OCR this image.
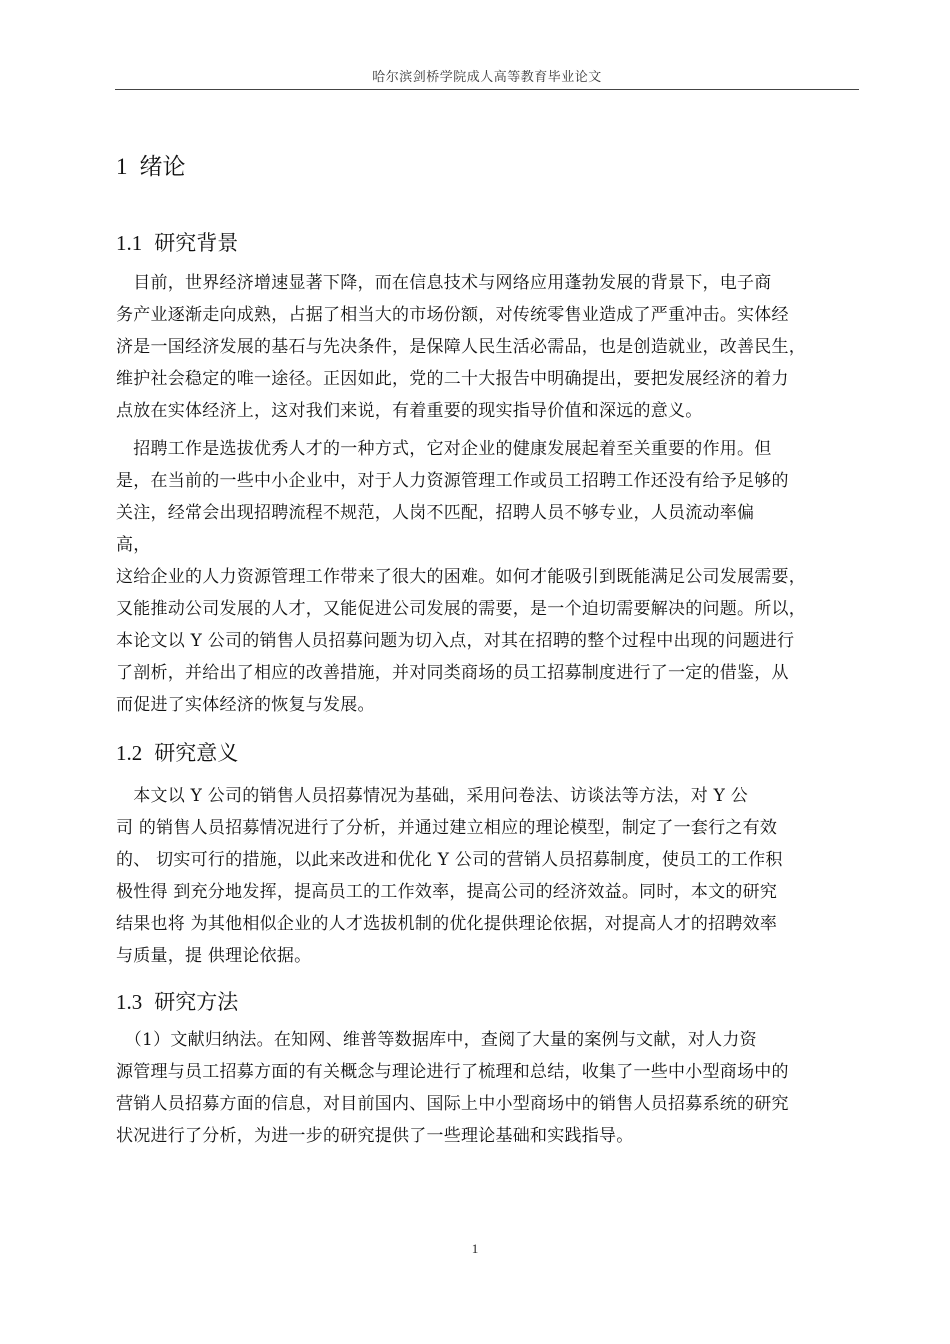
哈尔滨剑桥学院成人高等教育毕业论文
1 绪论
1.1 研究背景
　目前，世界经济增速显著下降，而在信息技术与网络应用蓬勃发展的背景下，电子商
务产业逐渐走向成熟，占据了相当大的市场份额，对传统零售业造成了严重冲击。实体经
济是一国经济发展的基石与先决条件，是保障人民生活必需品，也是创造就业，改善民生，
维护社会稳定的唯一途径。正因如此，党的二十大报告中明确提出，要把发展经济的着力
点放在实体经济上，这对我们来说，有着重要的现实指导价值和深远的意义。
　招聘工作是选拔优秀人才的一种方式，它对企业的健康发展起着至关重要的作用。但
是，在当前的一些中小企业中，对于人力资源管理工作或员工招聘工作还没有给予足够的
关注，经常会出现招聘流程不规范，人岗不匹配，招聘人员不够专业，人员流动率偏
高，
这给企业的人力资源管理工作带来了很大的困难。如何才能吸引到既能满足公司发展需要，
又能推动公司发展的人才，又能促进公司发展的需要，是一个迫切需要解决的问题。所以，
本论文以 Y 公司的销售人员招募问题为切入点，对其在招聘的整个过程中出现的问题进行
了剖析，并给出了相应的改善措施，并对同类商场的员工招募制度进行了一定的借鉴，从
而促进了实体经济的恢复与发展。
1.2 研究意义
　本文以 Y 公司的销售人员招募情况为基础，采用问卷法、访谈法等方法，对 Y 公
司 的销售人员招募情况进行了分析，并通过建立相应的理论模型，制定了一套行之有效
的、 切实可行的措施，以此来改进和优化 Y 公司的营销人员招募制度，使员工的工作积
极性得 到充分地发挥，提高员工的工作效率，提高公司的经济效益。同时，本文的研究
结果也将 为其他相似企业的人才选拔机制的优化提供理论依据，对提高人才的招聘效率
与质量，提 供理论依据。
1.3 研究方法
　（1）文献归纳法。在知网、维普等数据库中，查阅了大量的案例与文献，对人力资
源管理与员工招募方面的有关概念与理论进行了梳理和总结，收集了一些中小型商场中的
营销人员招募方面的信息，对目前国内、国际上中小型商场中的销售人员招募系统的研究
状况进行了分析，为进一步的研究提供了一些理论基础和实践指导。
1
